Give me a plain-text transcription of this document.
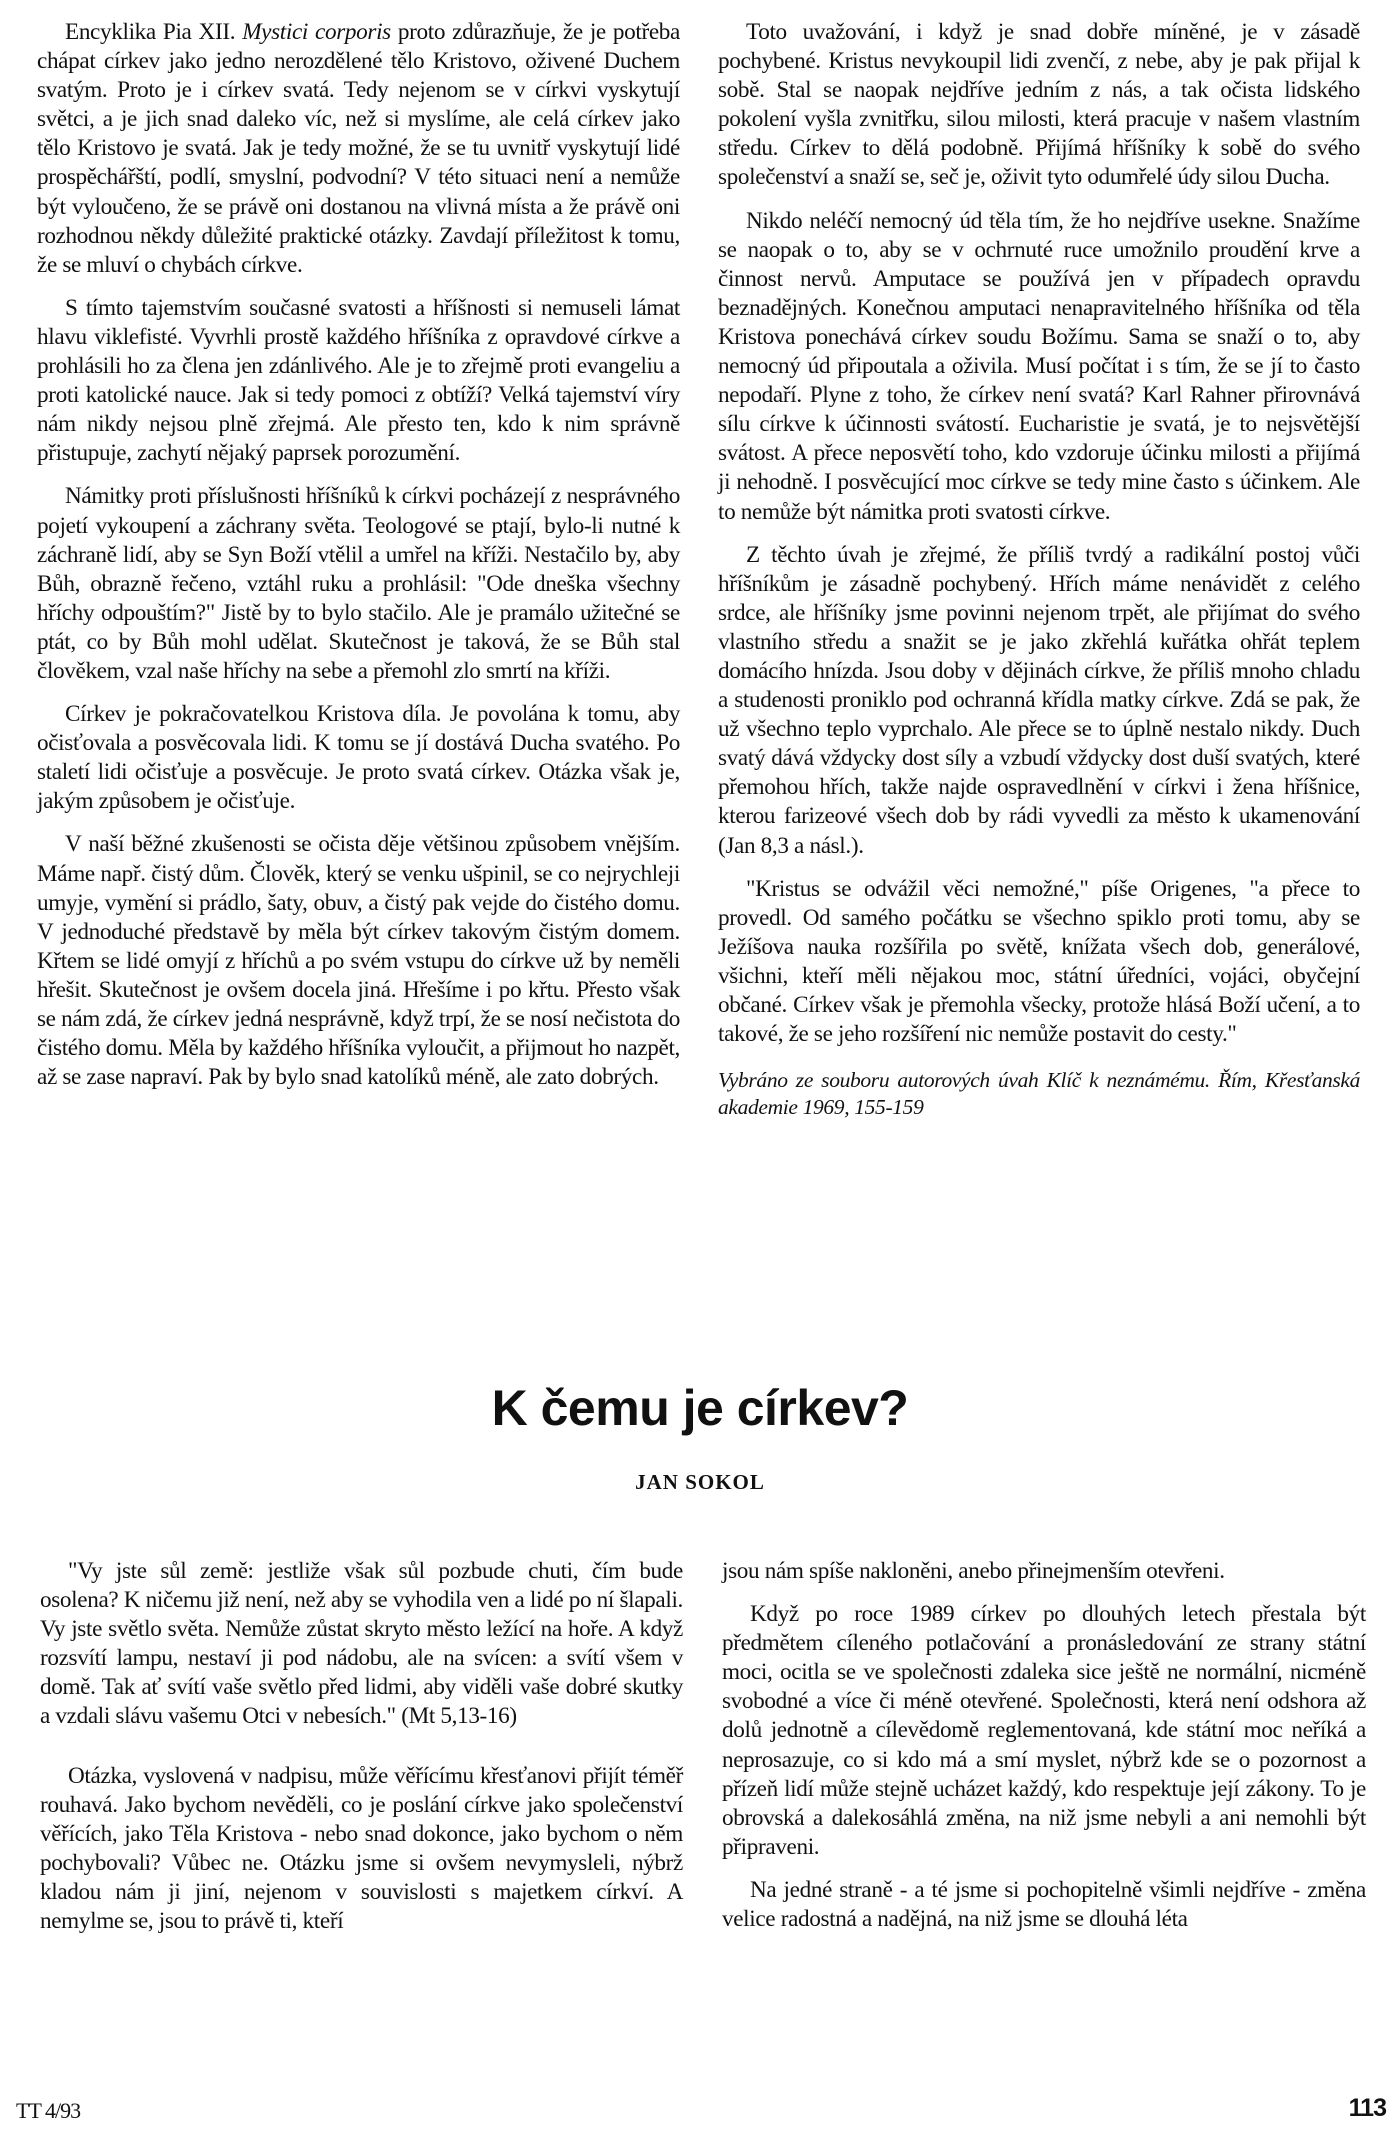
Encyklika Pia XII. Mystici corporis proto zdůrazňuje, že je potřeba chápat církev jako jedno nerozdělené tělo Kristovo, oživené Duchem svatým. Proto je i církev svatá. Tedy nejenom se v církvi vyskytují světci, a je jich snad daleko víc, než si myslíme, ale celá církev jako tělo Kristovo je svatá. Jak je tedy možné, že se tu uvnitř vyskytují lidé prospěchářští, podlí, smyslní, podvodní? V této situaci není a nemůže být vyloučeno, že se právě oni dostanou na vlivná místa a že právě oni rozhodnou někdy důležité praktické otázky. Zavdají příležitost k tomu, že se mluví o chybách církve.

S tímto tajemstvím současné svatosti a hříšnosti si nemuseli lámat hlavu viklefisté. Vyvrhli prostě každého hříšníka z opravdové církve a prohlásili ho za člena jen zdánlivého. Ale je to zřejmě proti evangeliu a proti katolické nauce. Jak si tedy pomoci z obtíží? Velká tajemství víry nám nikdy nejsou plně zřejmá. Ale přesto ten, kdo k nim správně přistupuje, zachytí nějaký paprsek porozumění.

Námitky proti příslušnosti hříšníků k církvi pocházejí z nesprávného pojetí vykoupení a záchrany světa. Teologové se ptají, bylo-li nutné k záchraně lidí, aby se Syn Boží vtělil a umřel na kříži. Nestačilo by, aby Bůh, obrazně řečeno, vztáhl ruku a prohlásil: "Ode dneška všechny hříchy odpouštím?" Jistě by to bylo stačilo. Ale je pramálo užitečné se ptát, co by Bůh mohl udělat. Skutečnost je taková, že se Bůh stal člověkem, vzal naše hříchy na sebe a přemohl zlo smrtí na kříži.

Církev je pokračovatelkou Kristova díla. Je povolána k tomu, aby očisťovala a posvěcovala lidi. K tomu se jí dostává Ducha svatého. Po staletí lidi očisťuje a posvěcuje. Je proto svatá církev. Otázka však je, jakým způsobem je očisťuje.

V naší běžné zkušenosti se očista děje většinou způsobem vnějším. Máme např. čistý dům. Člověk, který se venku ušpinil, se co nejrychleji umyje, vymění si prádlo, šaty, obuv, a čistý pak vejde do čistého domu. V jednoduché představě by měla být církev takovým čistým domem. Křtem se lidé omyjí z hříchů a po svém vstupu do církve už by neměli hřešit. Skutečnost je ovšem docela jiná. Hřešíme i po křtu. Přesto však se nám zdá, že církev jedná nesprávně, když trpí, že se nosí nečistota do čistého domu. Měla by každého hříšníka vyloučit, a přijmout ho nazpět, až se zase napraví. Pak by bylo snad katolíků méně, ale zato dobrých.

Toto uvažování, i když je snad dobře míněné, je v zásadě pochybené. Kristus nevykoupil lidi zvenčí, z nebe, aby je pak přijal k sobě. Stal se naopak nejdříve jedním z nás, a tak očista lidského pokolení vyšla zvnitřku, silou milosti, která pracuje v našem vlastním středu. Církev to dělá podobně. Přijímá hříšníky k sobě do svého společenství a snaží se, seč je, oživit tyto odumřelé údy silou Ducha.

Nikdo neléčí nemocný úd těla tím, že ho nejdříve usekne. Snažíme se naopak o to, aby se v ochrnuté ruce umožnilo proudění krve a činnost nervů. Amputace se používá jen v případech opravdu beznadějných. Konečnou amputaci nenapravitelného hříšníka od těla Kristova ponechává církev soudu Božímu. Sama se snaží o to, aby nemocný úd připoutala a oživila. Musí počítat i s tím, že se jí to často nepodaří. Plyne z toho, že církev není svatá? Karl Rahner přirovnává sílu církve k účinnosti svátostí. Eucharistie je svatá, je to nejsvětější svátost. A přece neposvětí toho, kdo vzdoruje účinku milosti a přijímá ji nehodně. I posvěcující moc církve se tedy mine často s účinkem. Ale to nemůže být námitka proti svatosti církve.

Z těchto úvah je zřejmé, že příliš tvrdý a radikální postoj vůči hříšníkům je zásadně pochybený. Hřích máme nenávidět z celého srdce, ale hříšníky jsme povinni nejenom trpět, ale přijímat do svého vlastního středu a snažit se je jako zkřehlá kuřátka ohřát teplem domácího hnízda. Jsou doby v dějinách církve, že příliš mnoho chladu a studenosti proniklo pod ochranná křídla matky církve. Zdá se pak, že už všechno teplo vyprchalo. Ale přece se to úplně nestalo nikdy. Duch svatý dává vždycky dost síly a vzbudí vždycky dost duší svatých, které přemohou hřích, takže najde ospravedlnění v církvi i žena hříšnice, kterou farizeové všech dob by rádi vyvedli za město k ukamenování (Jan 8,3 a násl.).

"Kristus se odvážil věci nemožné," píše Origenes, "a přece to provedl. Od samého počátku se všechno spiklo proti tomu, aby se Ježíšova nauka rozšířila po světě, knížata všech dob, generálové, všichni, kteří měli nějakou moc, státní úředníci, vojáci, obyčejní občané. Církev však je přemohla všecky, protože hlásá Boží učení, a to takové, že se jeho rozšíření nic nemůže postavit do cesty."

Vybráno ze souboru autorových úvah Klíč k neznámému. Řím, Křesťanská akademie 1969, 155-159

K čemu je církev?
JAN SOKOL

"Vy jste sůl země: jestliže však sůl pozbude chuti, čím bude osolena? K ničemu již není, než aby se vyhodila ven a lidé po ní šlapali. Vy jste světlo světa. Nemůže zůstat skryto město ležící na hoře. A když rozsvítí lampu, nestaví ji pod nádobu, ale na svícen: a svítí všem v domě. Tak ať svítí vaše světlo před lidmi, aby viděli vaše dobré skutky a vzdali slávu vašemu Otci v nebesích." (Mt 5,13-16)

Otázka, vyslovená v nadpisu, může věřícímu křesťanovi přijít téměř rouhavá. Jako bychom nevěděli, co je poslání církve jako společenství věřících, jako Těla Kristova - nebo snad dokonce, jako bychom o něm pochybovali? Vůbec ne. Otázku jsme si ovšem nevymysleli, nýbrž kladou nám ji jiní, nejenom v souvislosti s majetkem církví. A nemylme se, jsou to právě ti, kteří

jsou nám spíše nakloněni, anebo přinejmenším otevřeni.

Když po roce 1989 církev po dlouhých letech přestala být předmětem cíleného potlačování a pronásledování ze strany státní moci, ocitla se ve společnosti zdaleka sice ještě ne normální, nicméně svobodné a více či méně otevřené. Společnosti, která není odshora až dolů jednotně a cílevědomě reglementovaná, kde státní moc neříká a neprosazuje, co si kdo má a smí myslet, nýbrž kde se o pozornost a přízeň lidí může stejně ucházet každý, kdo respektuje její zákony. To je obrovská a dalekosáhlá změna, na niž jsme nebyli a ani nemohli být připraveni.

Na jedné straně - a té jsme si pochopitelně všimli nejdříve - změna velice radostná a nadějná, na niž jsme se dlouhá léta

TT 4/93	113
